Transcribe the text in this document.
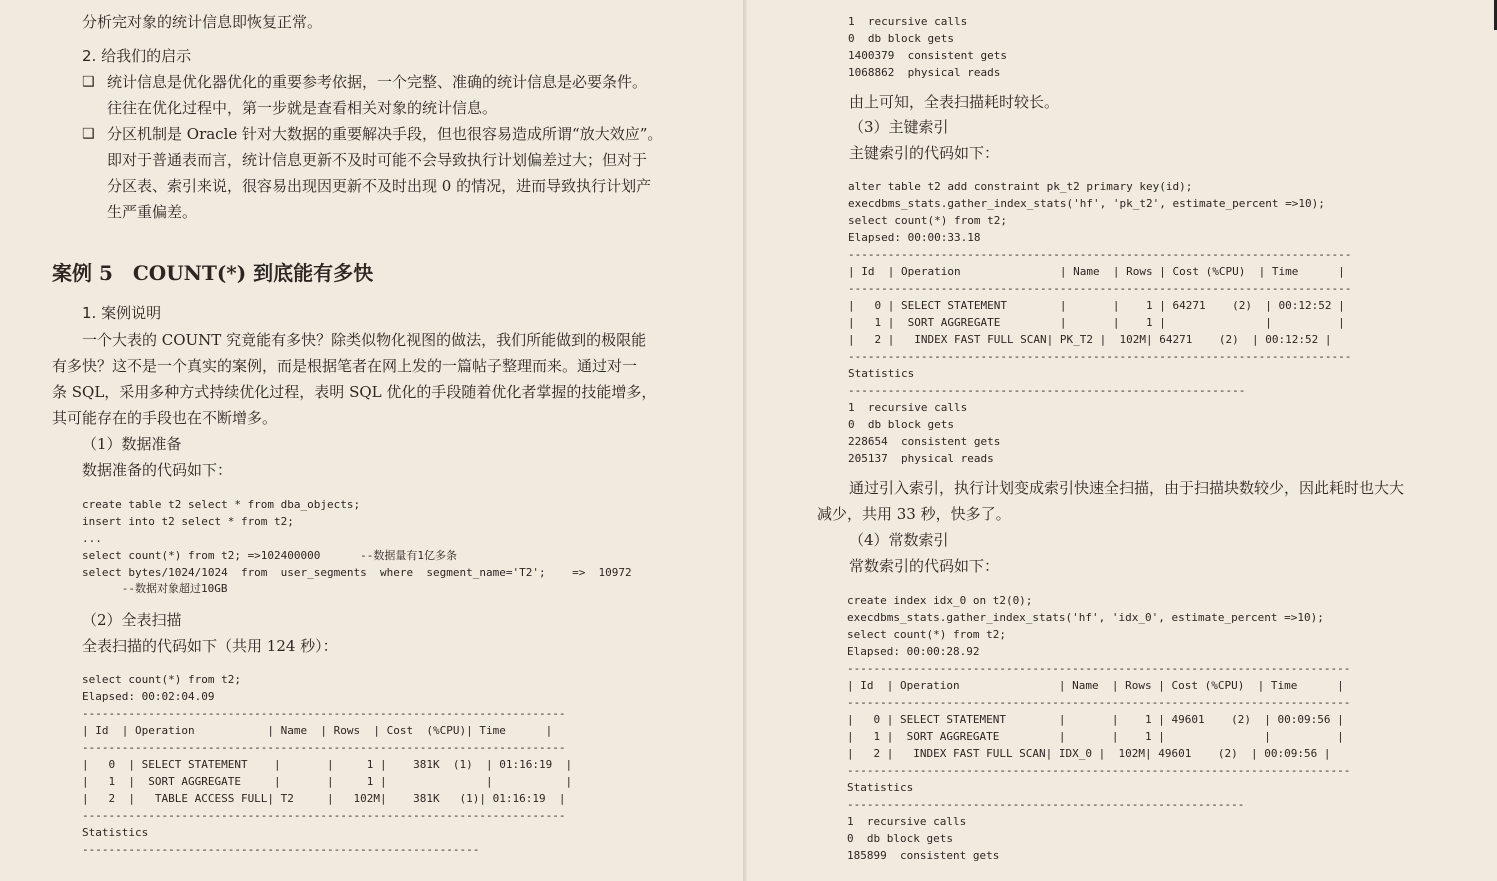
分析完对象的统计信息即恢复正常。
2. 给我们的启示
❑ 统计信息是优化器优化的重要参考依据，一个完整、准确的统计信息是必要条件。
往往在优化过程中，第一步就是查看相关对象的统计信息。
❑ 分区机制是 Oracle 针对大数据的重要解决手段，但也很容易造成所谓“放大效应”。
即对于普通表而言，统计信息更新不及时可能不会导致执行计划偏差过大；但对于
分区表、索引来说，很容易出现因更新不及时出现 0 的情况，进而导致执行计划产
生严重偏差。
案例 5　COUNT(*) 到底能有多快
1. 案例说明
一个大表的 COUNT 究竟能有多快？除类似物化视图的做法，我们所能做到的极限能
有多快？这不是一个真实的案例，而是根据笔者在网上发的一篇帖子整理而来。通过对一
条 SQL，采用多种方式持续优化过程，表明 SQL 优化的手段随着优化者掌握的技能增多，
其可能存在的手段也在不断增多。
（1）数据准备
数据准备的代码如下：
create table t2 select * from dba_objects;
insert into t2 select * from t2;
...
select count(*) from t2; =>102400000      --数据量有1亿多条
select bytes/1024/1024  from  user_segments  where  segment_name='T2';    =>  10972
--数据对象超过10GB
（2）全表扫描
全表扫描的代码如下（共用 124 秒）：
select count(*) from t2;
Elapsed: 00:02:04.09
-------------------------------------------------------------------------
| Id  | Operation           | Name  | Rows  | Cost  (%CPU)| Time      |
-------------------------------------------------------------------------
|   0  | SELECT STATEMENT    |       |     1 |    381K  (1)  | 01:16:19  |
|   1  |  SORT AGGREGATE     |       |     1 |               |           |
|   2  |   TABLE ACCESS FULL| T2     |   102M|    381K   (1)| 01:16:19  |
-------------------------------------------------------------------------
Statistics
------------------------------------------------------------
1  recursive calls
0  db block gets
1400379  consistent gets
1068862  physical reads
由上可知，全表扫描耗时较长。
（3）主键索引
主键索引的代码如下：
alter table t2 add constraint pk_t2 primary key(id);
execdbms_stats.gather_index_stats('hf', 'pk_t2', estimate_percent =>10);
select count(*) from t2;
Elapsed: 00:00:33.18
----------------------------------------------------------------------------
| Id  | Operation               | Name  | Rows | Cost (%CPU)  | Time      |
----------------------------------------------------------------------------
|   0 | SELECT STATEMENT        |       |    1 | 64271    (2)  | 00:12:52 |
|   1 |  SORT AGGREGATE         |       |    1 |               |          |
|   2 |   INDEX FAST FULL SCAN| PK_T2 |  102M| 64271    (2)  | 00:12:52 |
----------------------------------------------------------------------------
Statistics
------------------------------------------------------------
1  recursive calls
0  db block gets
228654  consistent gets
205137  physical reads
通过引入索引，执行计划变成索引快速全扫描，由于扫描块数较少，因此耗时也大大
减少，共用 33 秒，快多了。
（4）常数索引
常数索引的代码如下：
create index idx_0 on t2(0);
execdbms_stats.gather_index_stats('hf', 'idx_0', estimate_percent =>10);
select count(*) from t2;
Elapsed: 00:00:28.92
----------------------------------------------------------------------------
| Id  | Operation               | Name  | Rows | Cost (%CPU)  | Time      |
----------------------------------------------------------------------------
|   0 | SELECT STATEMENT        |       |    1 | 49601    (2)  | 00:09:56 |
|   1 |  SORT AGGREGATE         |       |    1 |               |          |
|   2 |   INDEX FAST FULL SCAN| IDX_0 |  102M| 49601    (2)  | 00:09:56 |
----------------------------------------------------------------------------
Statistics
------------------------------------------------------------
1  recursive calls
0  db block gets
185899  consistent gets
